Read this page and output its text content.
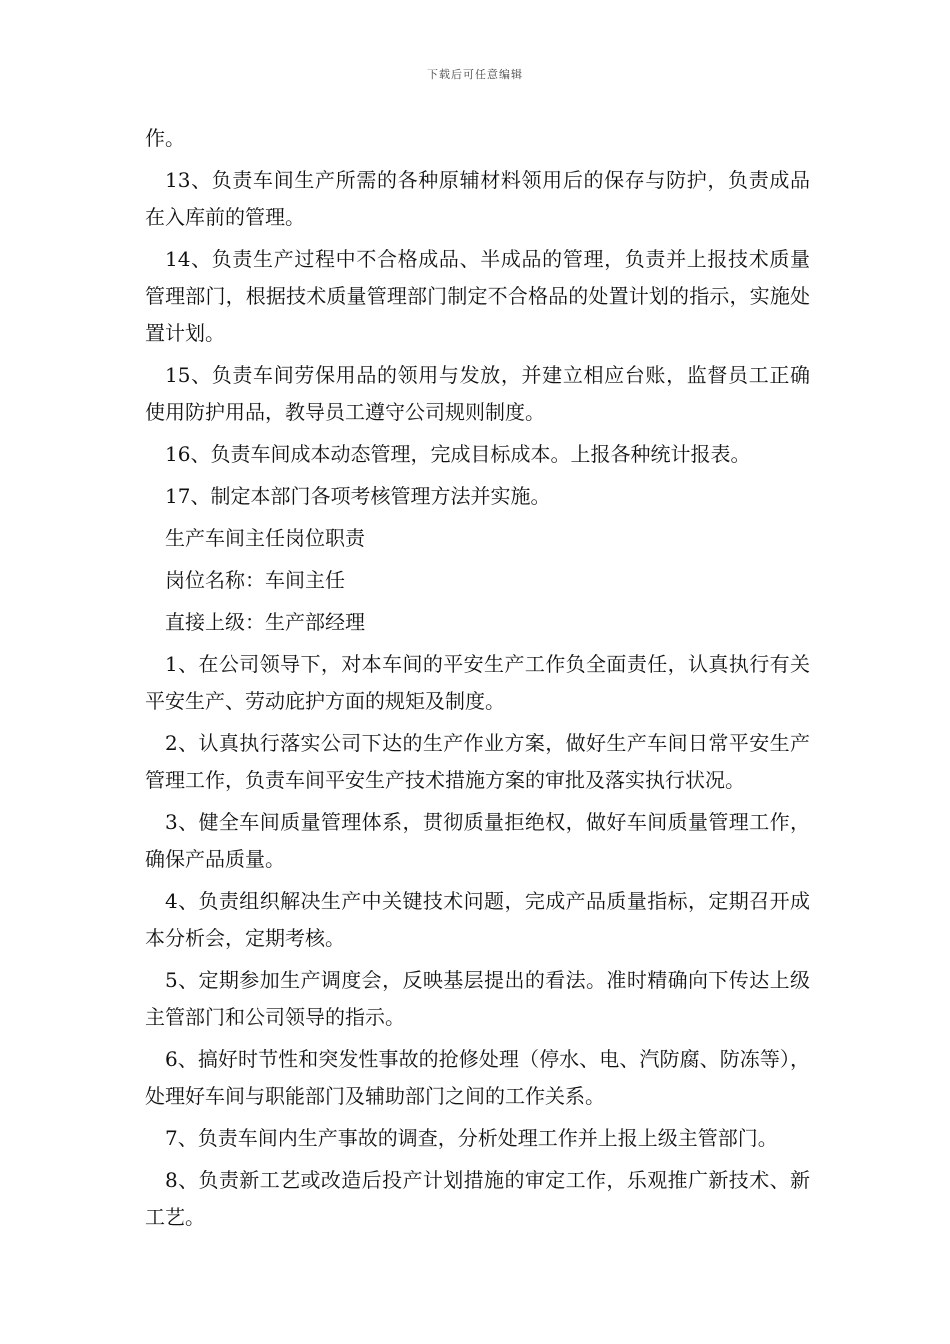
下载后可任意编辑

作。

13、负责车间生产所需的各种原辅材料领用后的保存与防护，负责成品在入库前的管理。

14、负责生产过程中不合格成品、半成品的管理，负责并上报技术质量管理部门，根据技术质量管理部门制定不合格品的处置计划的指示，实施处置计划。

15、负责车间劳保用品的领用与发放，并建立相应台账，监督员工正确使用防护用品，教导员工遵守公司规则制度。

16、负责车间成本动态管理，完成目标成本。上报各种统计报表。

17、制定本部门各项考核管理方法并实施。

生产车间主任岗位职责

岗位名称：车间主任

直接上级：生产部经理

1、在公司领导下，对本车间的平安生产工作负全面责任，认真执行有关平安生产、劳动庇护方面的规矩及制度。

2、认真执行落实公司下达的生产作业方案，做好生产车间日常平安生产管理工作，负责车间平安生产技术措施方案的审批及落实执行状况。

3、健全车间质量管理体系，贯彻质量拒绝权，做好车间质量管理工作，确保产品质量。

4、负责组织解决生产中关键技术问题，完成产品质量指标，定期召开成本分析会，定期考核。

5、定期参加生产调度会，反映基层提出的看法。准时精确向下传达上级主管部门和公司领导的指示。

6、搞好时节性和突发性事故的抢修处理（停水、电、汽防腐、防冻等），处理好车间与职能部门及辅助部门之间的工作关系。

7、负责车间内生产事故的调查，分析处理工作并上报上级主管部门。

8、负责新工艺或改造后投产计划措施的审定工作，乐观推广新技术、新工艺。
